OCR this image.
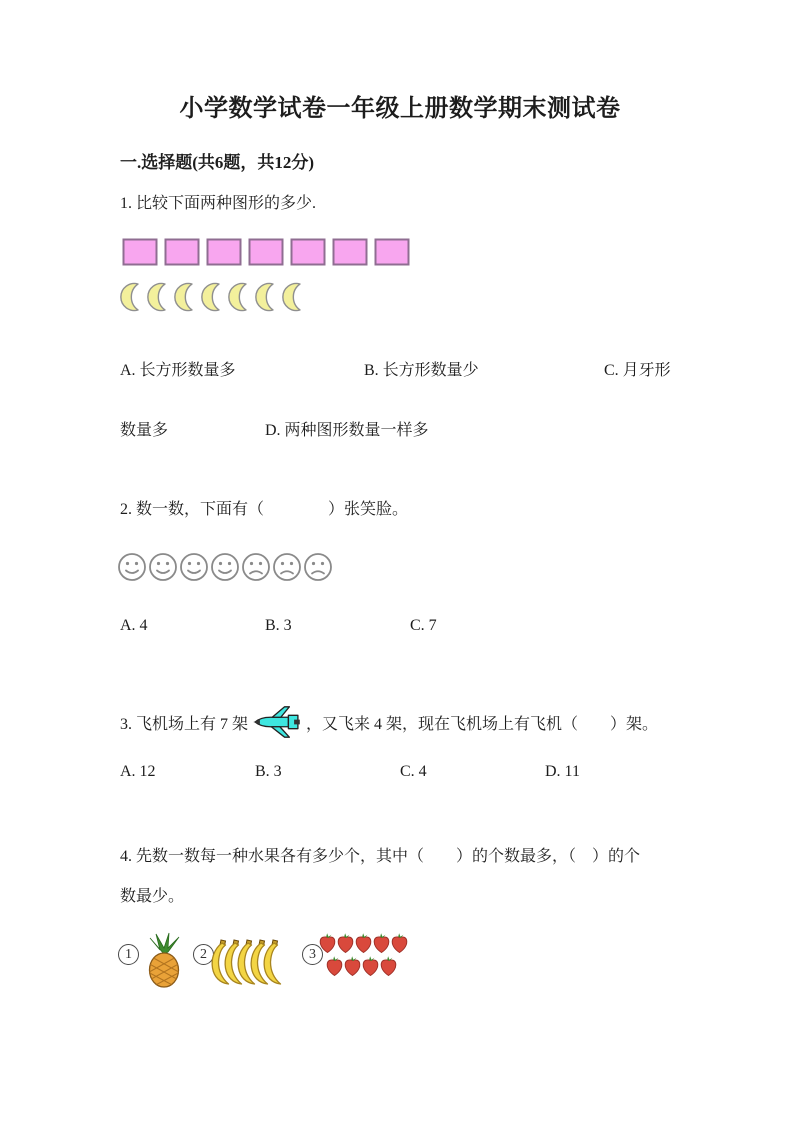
小学数学试卷一年级上册数学期末测试卷
一.选择题(共6题，共12分)
1. 比较下面两种图形的多少.
A. 长方形数量多	B. 长方形数量少	C. 月牙形
数量多	D. 两种图形数量一样多
2. 数一数，下面有（　　　　）张笑脸。
A. 4	B. 3	C. 7
3. 飞机场上有 7 架	，又飞来 4 架，现在飞机场上有飞机（　　）架。
A. 12	B. 3	C. 4	D. 11
4. 先数一数每一种水果各有多少个，其中（　　）的个数最多，（　）的个
数最少。
1	2	3
